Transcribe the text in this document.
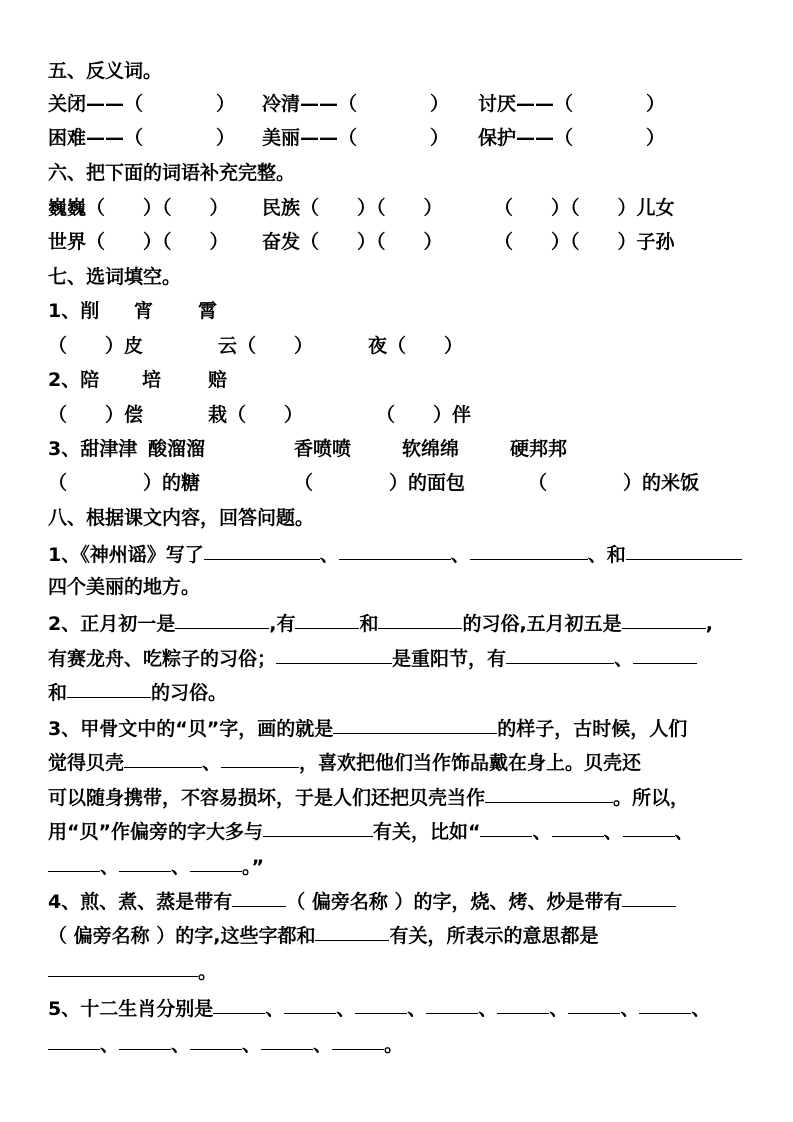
五、反义词。
关闭——（	） 冷清——（	） 讨厌——（	）
困难——（	） 美丽——（	） 保护——（	）
六、把下面的词语补充完整。
巍巍（　　）（　　） 民族（　　）（　　）	（　　）（　　）儿女
世界（　　）（　　） 奋发（　　）（　　）	（　　）（　　）子孙
七、选词填空。
1、削 宵 霄
（　　）皮	云（　　）	夜（　　）
2、陪 培 赔
（　　）偿	栽（　　）	（　　）伴
3、甜津津 酸溜溜	香喷喷	软绵绵	硬邦邦
（　　　　）的糖	（　　　　）的面包	（　　　　）的米饭
八、根据课文内容，回答问题。
1、《神州谣》写了	、	、	、和
四个美丽的地方。
2、正月初一是	,有	和	的习俗,五月初五是	,
有赛龙舟、吃粽子的习俗；	是重阳节，有	、
和	的习俗。
3、甲骨文中的“贝”字，画的就是	的样子，古时候，人们
觉得贝壳	、	，喜欢把他们当作饰品戴在身上。贝壳还
可以随身携带，不容易损坏，于是人们还把贝壳当作	。所以，
用“贝”作偏旁的字大多与	有关，比如“	、	、	、
、	、	。”
4、煎、煮、蒸是带有	（ 偏旁名称 ）的字，烧、烤、炒是带有
（ 偏旁名称 ）的字,这些字都和	有关，所表示的意思都是
。
5、十二生肖分别是	、	、	、	、	、	、	、
、	、	、	、	。
